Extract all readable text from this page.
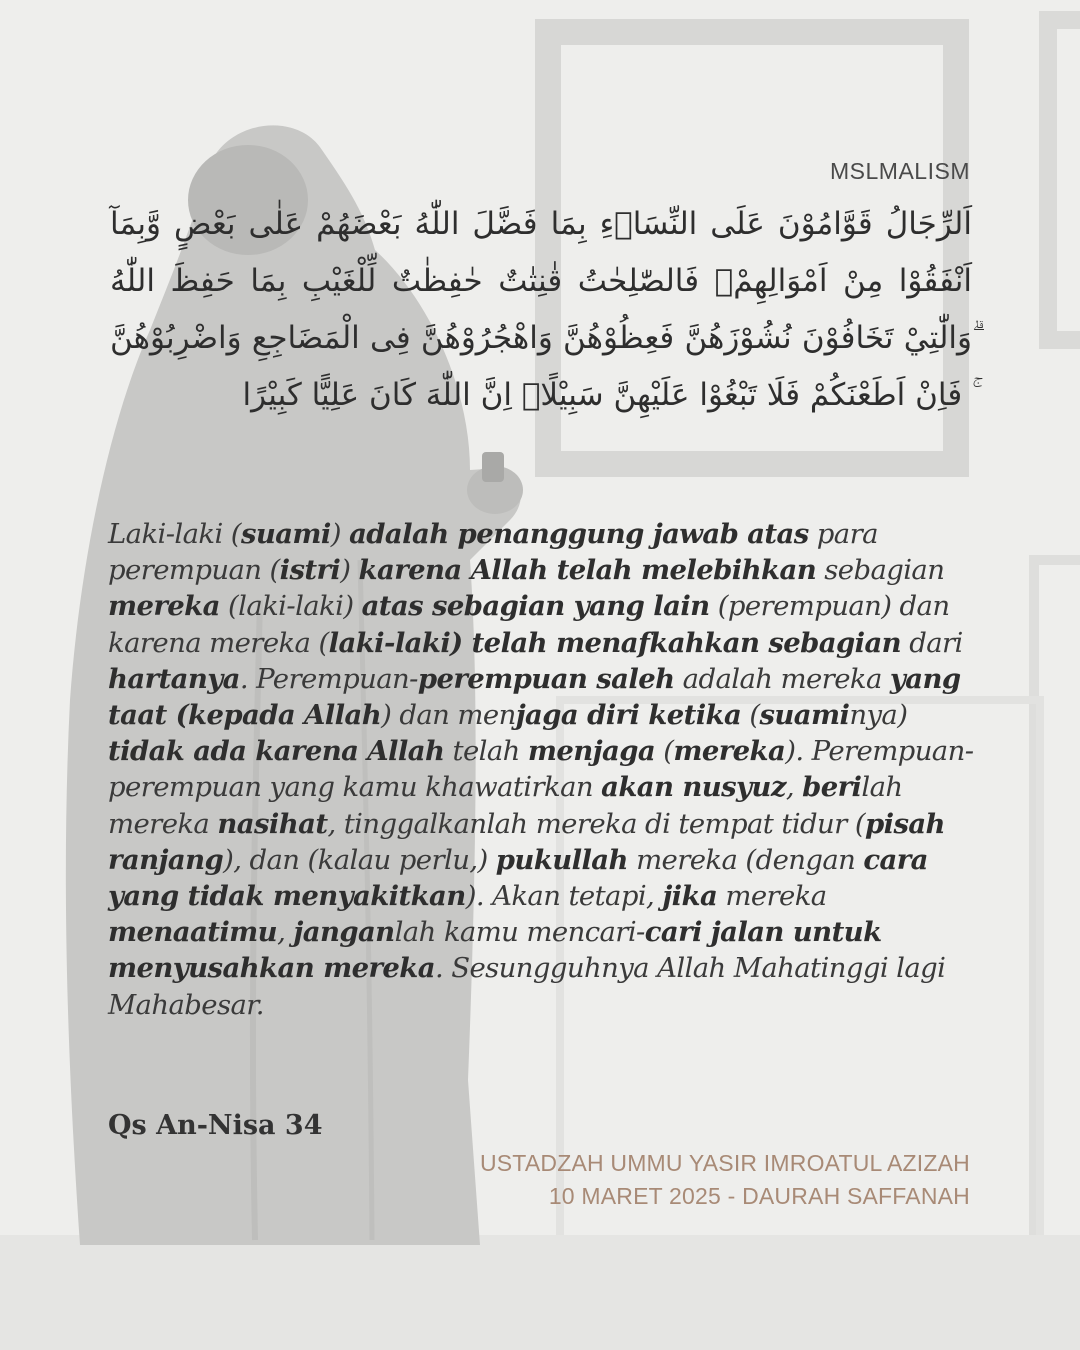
MSLMALISM
اَلرِّجَالُ قَوَّامُوْنَ عَلَى النِّسَاۤءِ بِمَا فَضَّلَ اللّٰهُ بَعْضَهُمْ عَلٰى بَعْضٍ وَّبِمَآ اَنْفَقُوْا مِنْ اَمْوَالِهِمْۗ فَالصّٰلِحٰتُ قٰنِتٰتٌ حٰفِظٰتٌ لِّلْغَيْبِ بِمَا حَفِظَ اللّٰهُ ۗوَالّٰتِيْ تَخَافُوْنَ نُشُوْزَهُنَّ فَعِظُوْهُنَّ وَاهْجُرُوْهُنَّ فِى الْمَضَاجِعِ وَاضْرِبُوْهُنَّ ۚ فَاِنْ اَطَعْنَكُمْ فَلَا تَبْغُوْا عَلَيْهِنَّ سَبِيْلًاۗ اِنَّ اللّٰهَ كَانَ عَلِيًّا كَبِيْرًا
Laki-laki (suami) adalah penanggung jawab atas para perempuan (istri) karena Allah telah melebihkan sebagian mereka (laki-laki) atas sebagian yang lain (perempuan) dan karena mereka (laki-laki) telah menafkahkan sebagian dari hartanya. Perempuan-perempuan saleh adalah mereka yang taat (kepada Allah) dan menjaga diri ketika (suaminya) tidak ada karena Allah telah menjaga (mereka). Perempuan-perempuan yang kamu khawatirkan akan nusyuz, berilah mereka nasihat, tinggalkanlah mereka di tempat tidur (pisah ranjang), dan (kalau perlu,) pukullah mereka (dengan cara yang tidak menyakitkan). Akan tetapi, jika mereka menaatimu, janganlah kamu mencari-cari jalan untuk menyusahkan mereka. Sesungguhnya Allah Mahatinggi lagi Mahabesar.
Qs An-Nisa 34
USTADZAH UMMU YASIR IMROATUL AZIZAH
10 MARET 2025 - DAURAH SAFFANAH
